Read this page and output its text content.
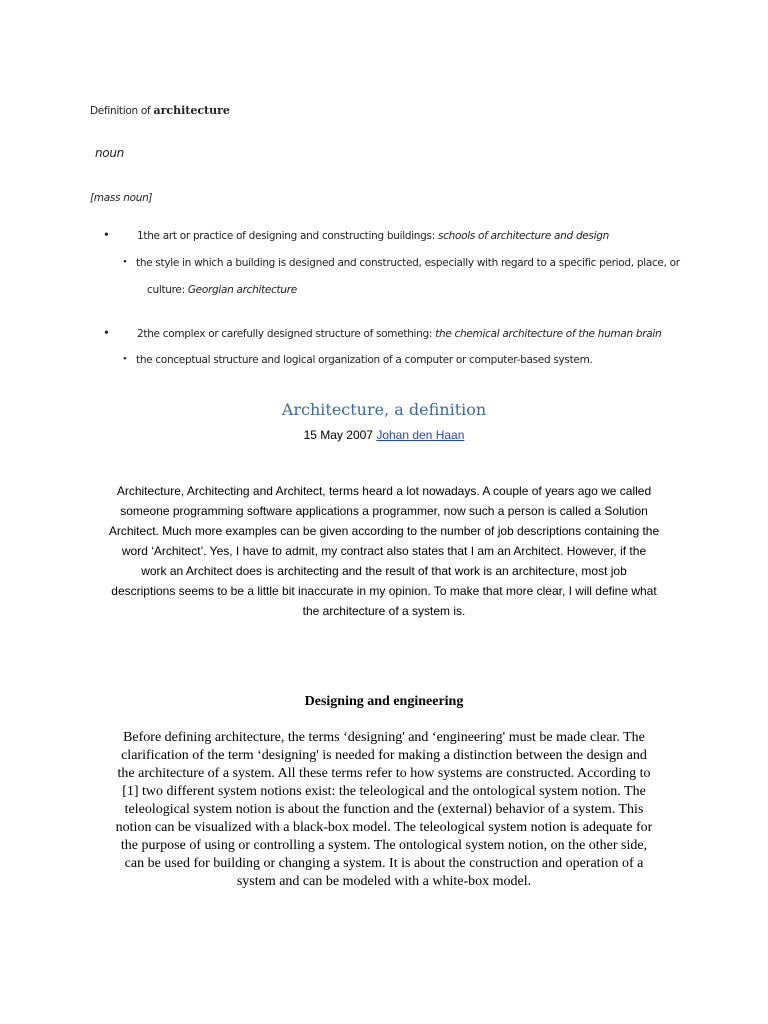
Definition of architecture
noun
[mass noun]
•	1the art or practice of designing and constructing buildings: schools of architecture and design
• the style in which a building is designed and constructed, especially with regard to a specific period, place, or
culture: Georgian architecture
•	2the complex or carefully designed structure of something: the chemical architecture of the human brain
• the conceptual structure and logical organization of a computer or computer-based system.
Architecture, a definition
15 May 2007 Johan den Haan
Architecture, Architecting and Architect, terms heard a lot nowadays. A couple of years ago we called
someone programming software applications a programmer, now such a person is called a Solution
Architect. Much more examples can be given according to the number of job descriptions containing the
word ‘Architect’. Yes, I have to admit, my contract also states that I am an Architect. However, if the
work an Architect does is architecting and the result of that work is an architecture, most job
descriptions seems to be a little bit inaccurate in my opinion. To make that more clear, I will define what
the architecture of a system is.
Designing and engineering
Before defining architecture, the terms ‘designing' and ‘engineering' must be made clear. The
clarification of the term ‘designing' is needed for making a distinction between the design and
the architecture of a system. All these terms refer to how systems are constructed. According to
[1] two different system notions exist: the teleological and the ontological system notion. The
teleological system notion is about the function and the (external) behavior of a system. This
notion can be visualized with a black-box model. The teleological system notion is adequate for
the purpose of using or controlling a system. The ontological system notion, on the other side,
can be used for building or changing a system. It is about the construction and operation of a
system and can be modeled with a white-box model.
